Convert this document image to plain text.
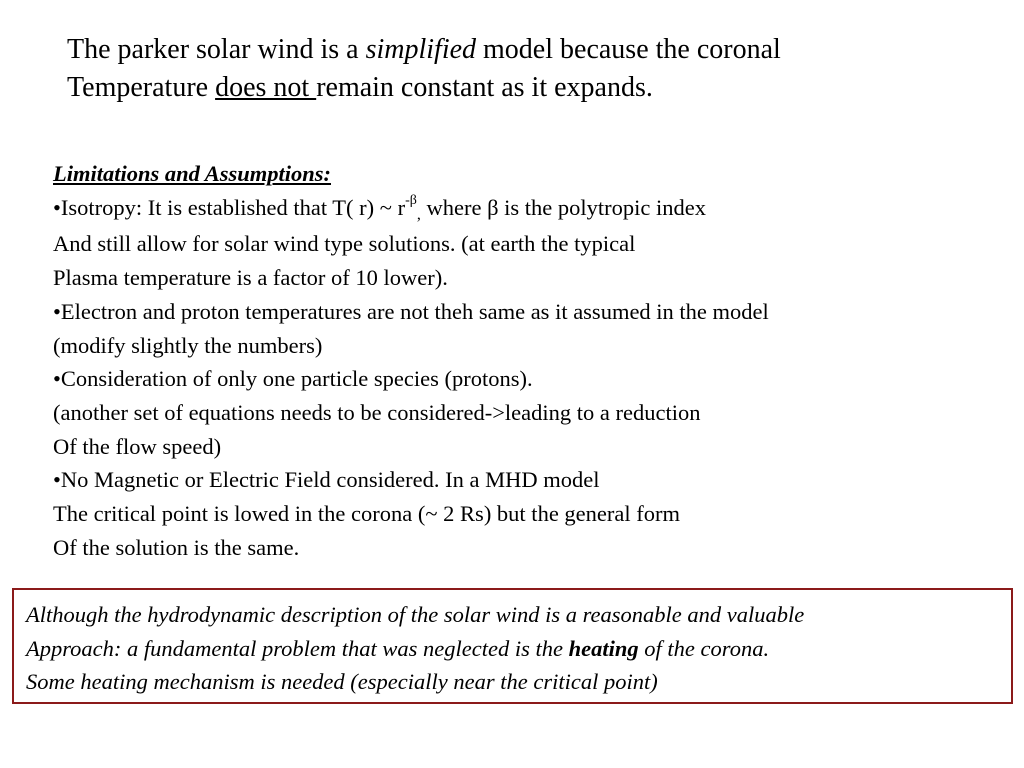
The parker solar wind is a simplified model because the coronal
Temperature does not remain constant as it expands.
Limitations and Assumptions:
•Isotropy: It is established that T( r) ~ $r^{-\beta}$, where β is the polytropic index
And still allow for solar wind type solutions. (at earth the typical
Plasma temperature is a factor of 10 lower).
•Electron and proton temperatures are not theh same as it assumed in the model
(modify slightly the numbers)
•Consideration of only one particle species (protons).
(another set of equations needs to be considered->leading to a reduction
Of the flow speed)
•No Magnetic or Electric Field considered. In a MHD model
The critical point is lowed in the corona (~ 2 Rs) but the general form
Of the solution is the same.
Although the hydrodynamic description of the solar wind is a reasonable and valuable
Approach: a fundamental problem that was neglected is the heating of the corona.
Some heating mechanism is needed (especially near the critical point)
